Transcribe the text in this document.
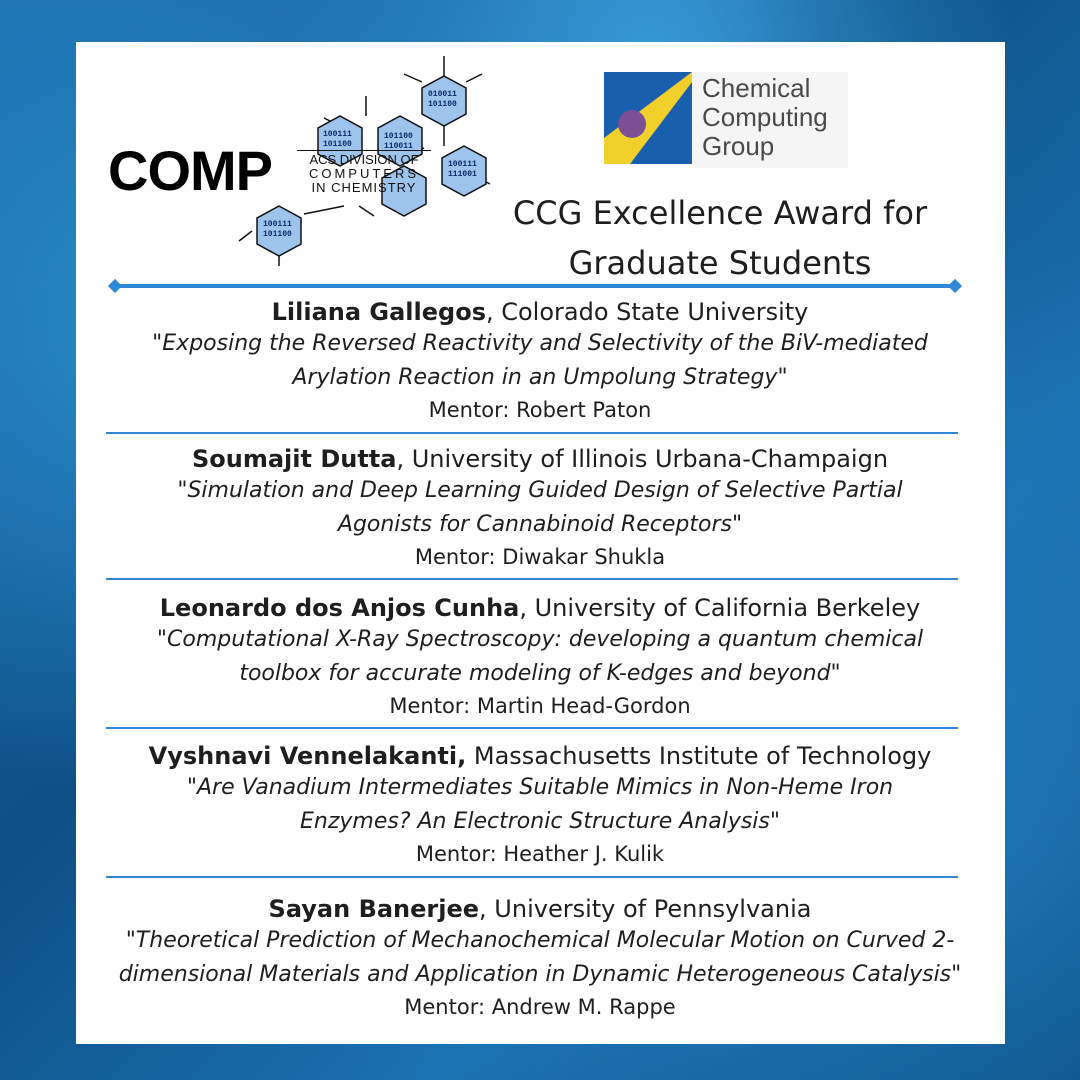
010011
101100
101100
110011
100111
101100
100111
111001
100111
101100
COMP	ACS DIVISION OF
COMPUTERS
IN CHEMISTRY
Chemical
Computing
Group
CCG Excellence Award for
Graduate Students
Liliana Gallegos, Colorado State University
"Exposing the Reversed Reactivity and Selectivity of the BiV-mediated
Arylation Reaction in an Umpolung Strategy"
Mentor: Robert Paton
Soumajit Dutta, University of Illinois Urbana-Champaign
"Simulation and Deep Learning Guided Design of Selective Partial
Agonists for Cannabinoid Receptors"
Mentor: Diwakar Shukla
Leonardo dos Anjos Cunha, University of California Berkeley
"Computational X-Ray Spectroscopy: developing a quantum chemical
toolbox for accurate modeling of K-edges and beyond"
Mentor: Martin Head-Gordon
Vyshnavi Vennelakanti, Massachusetts Institute of Technology
"Are Vanadium Intermediates Suitable Mimics in Non-Heme Iron
Enzymes? An Electronic Structure Analysis"
Mentor: Heather J. Kulik
Sayan Banerjee, University of Pennsylvania
"Theoretical Prediction of Mechanochemical Molecular Motion on Curved 2-
dimensional Materials and Application in Dynamic Heterogeneous Catalysis"
Mentor: Andrew M. Rappe
